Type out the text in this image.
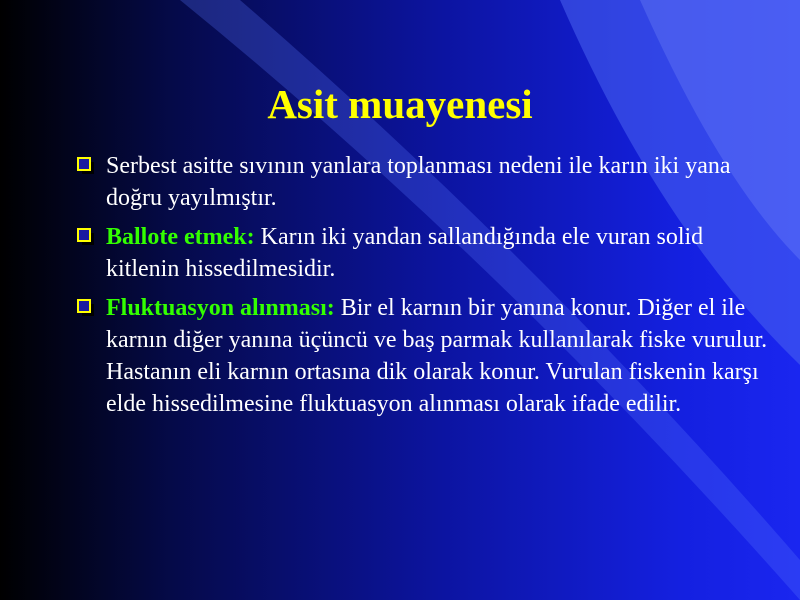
Asit muayenesi
Serbest asitte sıvının yanlara toplanması nedeni ile karın iki yana doğru yayılmıştır.
Ballote etmek: Karın iki yandan sallandığında ele vuran solid kitlenin hissedilmesidir.
Fluktuasyon alınması: Bir el karnın bir yanına konur. Diğer el ile karnın diğer yanına üçüncü ve baş parmak kullanılarak fiske vurulur. Hastanın eli karnın ortasına dik olarak konur. Vurulan fiskenin karşı elde hissedilmesine fluktuasyon alınması olarak ifade edilir.
